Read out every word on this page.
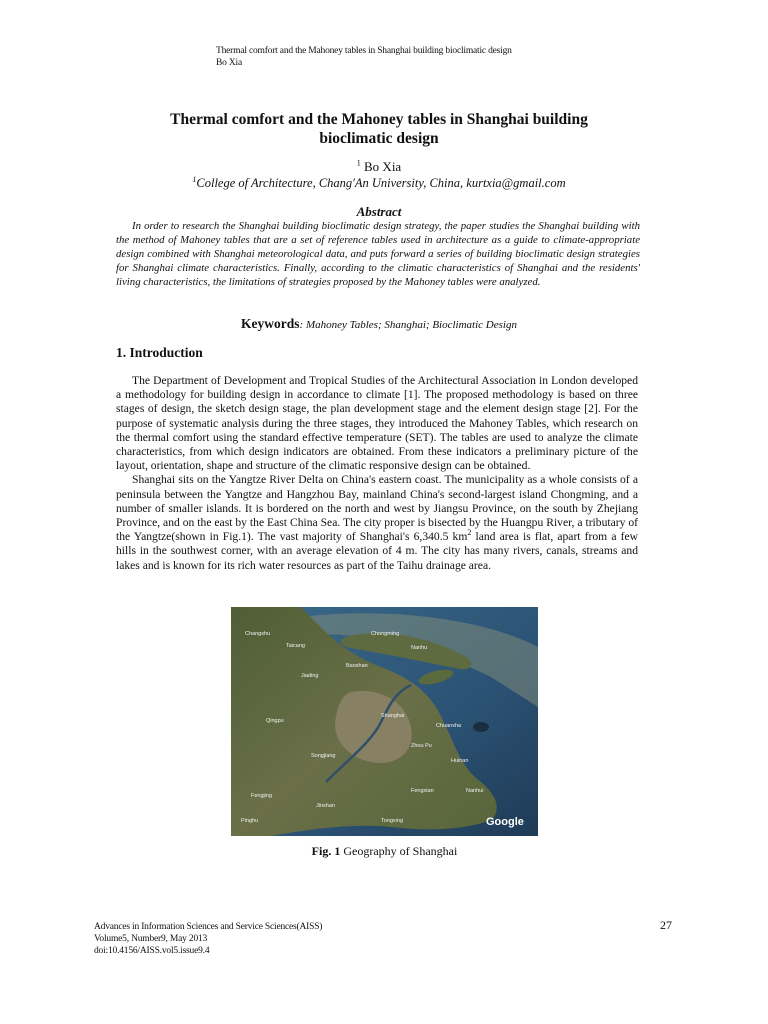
Thermal comfort and the Mahoney tables in Shanghai building bioclimatic design
Bo Xia
Thermal comfort and the Mahoney tables in Shanghai building
bioclimatic design
$^1$ Bo Xia
$^1$College of Architecture, Chang'An University, China, kurtxia@gmail.com
Abstract
In order to research the Shanghai building bioclimatic design strategy, the paper studies the Shanghai building with the method of Mahoney tables that are a set of reference tables used in architecture as a guide to climate-appropriate design combined with Shanghai meteorological data, and puts forward a series of building bioclimatic design strategies for Shanghai climate characteristics. Finally, according to the climatic characteristics of Shanghai and the residents' living characteristics, the limitations of strategies proposed by the Mahoney tables were analyzed.
Keywords: Mahoney Tables; Shanghai; Bioclimatic Design
1. Introduction

The Department of Development and Tropical Studies of the Architectural Association in London developed a methodology for building design in accordance to climate [1]. The proposed methodology is based on three stages of design, the sketch design stage, the plan development stage and the element design stage [2]. For the purpose of systematic analysis during the three stages, they introduced the Mahoney Tables, which research on the thermal comfort using the standard effective temperature (SET). The tables are used to analyze the climate characteristics, from which design indicators are obtained. From these indicators a preliminary picture of the layout, orientation, shape and structure of the climatic responsive design can be obtained.

Shanghai sits on the Yangtze River Delta on China's eastern coast. The municipality as a whole consists of a peninsula between the Yangtze and Hangzhou Bay, mainland China's second-largest island Chongming, and a number of smaller islands. It is bordered on the north and west by Jiangsu Province, on the south by Zhejiang Province, and on the east by the East China Sea. The city proper is bisected by the Huangpu River, a tributary of the Yangtze(shown in Fig.1). The vast majority of Shanghai's 6,340.5 $km^2$ land area is flat, apart from a few hills in the southwest corner, with an average elevation of 4 m. The city has many rivers, canals, streams and lakes and is known for its rich water resources as part of the Taihu drainage area.

Google
Changshu
Taicang
Chongming
Nanhu
Jiading
Baoshan
Qingpu
Shanghai
Chuansha
Songjiang
Zhou Pu
Huinan
Fengjing
Jinshan
Fengxian	Nanhui
Pinghu	Tongxing
Fig. 1 Geography of Shanghai
Advances in Information Sciences and Service Sciences(AISS)
Volume5, Number9, May 2013
doi:10.4156/AISS.vol5.issue9.4
27
